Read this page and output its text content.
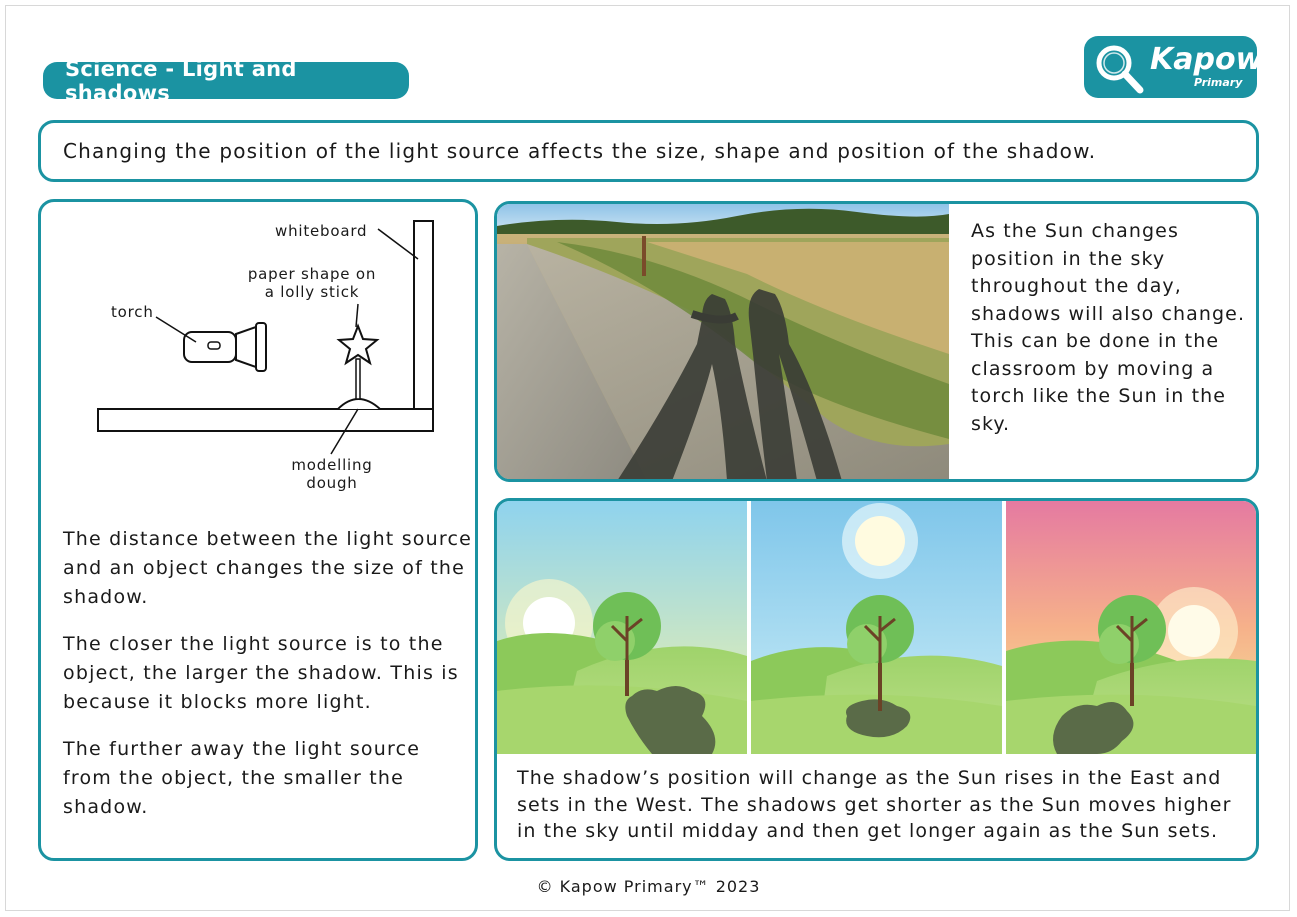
Science - Light and shadows
Kapow
Primary
Changing the position of the light source affects the size, shape and position of the shadow.
whiteboard
paper shape on
a lolly stick
torch
modelling
dough

The distance between the light source and an object changes the size of the shadow.

The closer the light source is to the object, the larger the shadow. This is because it blocks more light.

The further away the light source from the object, the smaller the shadow.

As the Sun changes position in the sky throughout the day, shadows will also change. This can be done in the classroom by moving a torch like the Sun in the sky.
The shadow’s position will change as the Sun rises in the East and sets in the West. The shadows get shorter as the Sun moves higher in the sky until midday and then get longer again as the Sun sets.
© Kapow Primary™ 2023
